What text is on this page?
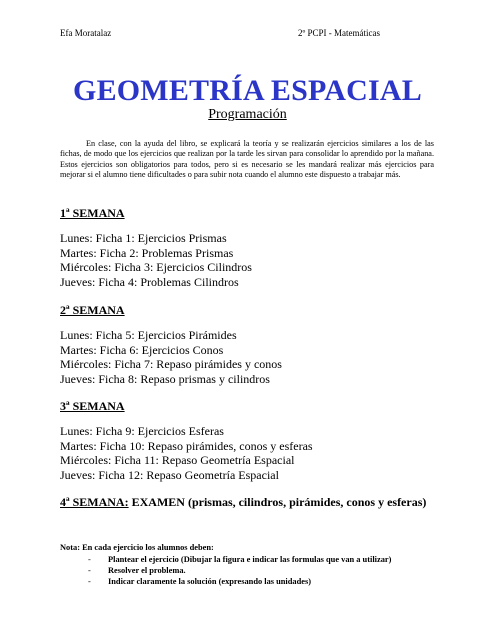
Efa Moratalaz	2º PCPI - Matemáticas
GEOMETRÍA ESPACIAL
Programación
En clase, con la ayuda del libro, se explicará la teoría y se realizarán ejercicios similares a los de las fichas, de modo que los ejercicios que realizan por la tarde les sirvan para consolidar lo aprendido por la mañana. Estos ejercicios son obligatorios para todos, pero si es necesario se les mandará realizar más ejercicios para mejorar si el alumno tiene dificultades o para subir nota cuando el alumno este dispuesto a trabajar más.
1ª SEMANA
Lunes: Ficha 1: Ejercicios Prismas
Martes: Ficha 2: Problemas Prismas
Miércoles: Ficha 3: Ejercicios Cilindros
Jueves: Ficha 4: Problemas Cilindros
2ª SEMANA
Lunes: Ficha 5: Ejercicios Pirámides
Martes: Ficha 6: Ejercicios Conos
Miércoles: Ficha 7: Repaso pirámides y conos
Jueves: Ficha 8: Repaso prismas y cilindros
3ª SEMANA
Lunes: Ficha 9: Ejercicios Esferas
Martes: Ficha 10: Repaso pirámides, conos y esferas
Miércoles: Ficha 11: Repaso Geometría Espacial
Jueves: Ficha 12: Repaso Geometría Espacial
4ª SEMANA: EXAMEN (prismas, cilindros, pirámides, conos y esferas)
Nota: En cada ejercicio los alumnos deben:
- Plantear el ejercicio (Dibujar la figura e indicar las formulas que van a utilizar)
- Resolver el problema.
- Indicar claramente la solución (expresando las unidades)
